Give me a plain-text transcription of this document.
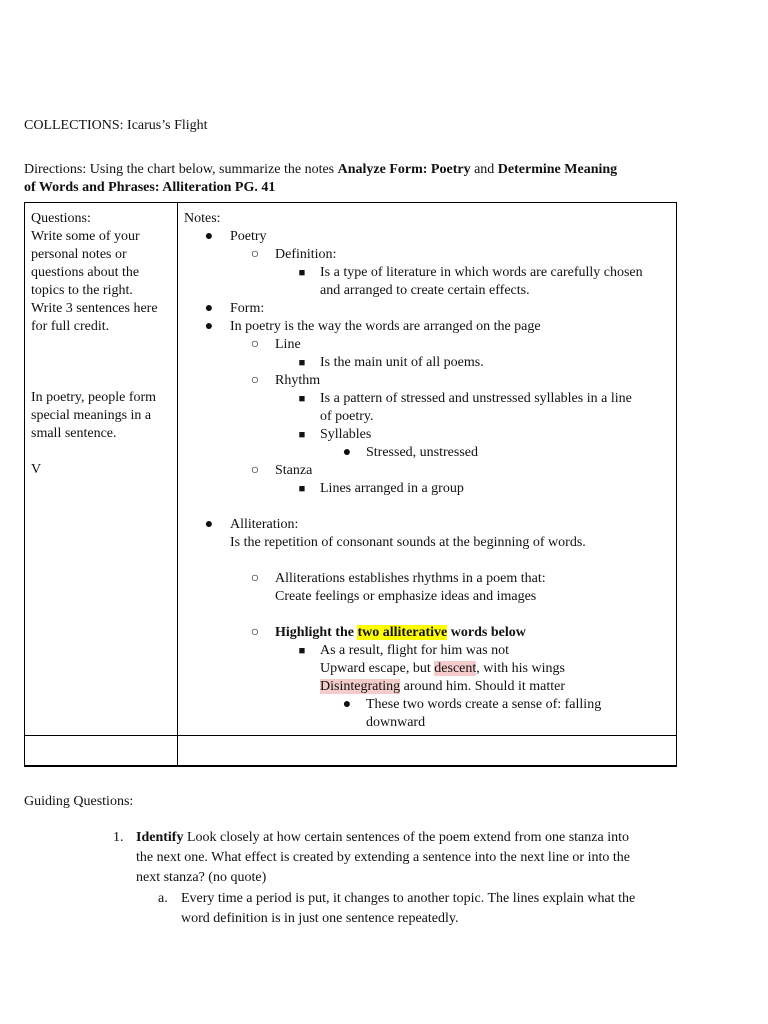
COLLECTIONS: Icarus’s Flight
Directions: Using the chart below, summarize the notes Analyze Form: Poetry and Determine Meaning
of Words and Phrases: Alliteration PG. 41
Questions:
Write some of your
personal notes or
questions about the
topics to the right.
Write 3 sentences here
for full credit.
In poetry, people form
special meanings in a
small sentence.
V
Notes:
● Poetry
○ Definition:
■ Is a type of literature in which words are carefully chosen
and arranged to create certain effects.
● Form:
● In poetry is the way the words are arranged on the page
○ Line
■ Is the main unit of all poems.
○ Rhythm
■ Is a pattern of stressed and unstressed syllables in a line
of poetry.
■ Syllables
● Stressed, unstressed
○ Stanza
■ Lines arranged in a group
● Alliteration:
Is the repetition of consonant sounds at the beginning of words.
○ Alliterations establishes rhythms in a poem that:
Create feelings or emphasize ideas and images
○ Highlight the two alliterative words below
■ As a result, flight for him was not
Upward escape, but descent, with his wings
Disintegrating around him. Should it matter
● These two words create a sense of: falling
downward
Guiding Questions:
1. Identify Look closely at how certain sentences of the poem extend from one stanza into
the next one. What effect is created by extending a sentence into the next line or into the
next stanza? (no quote)
a. Every time a period is put, it changes to another topic. The lines explain what the
word definition is in just one sentence repeatedly.
